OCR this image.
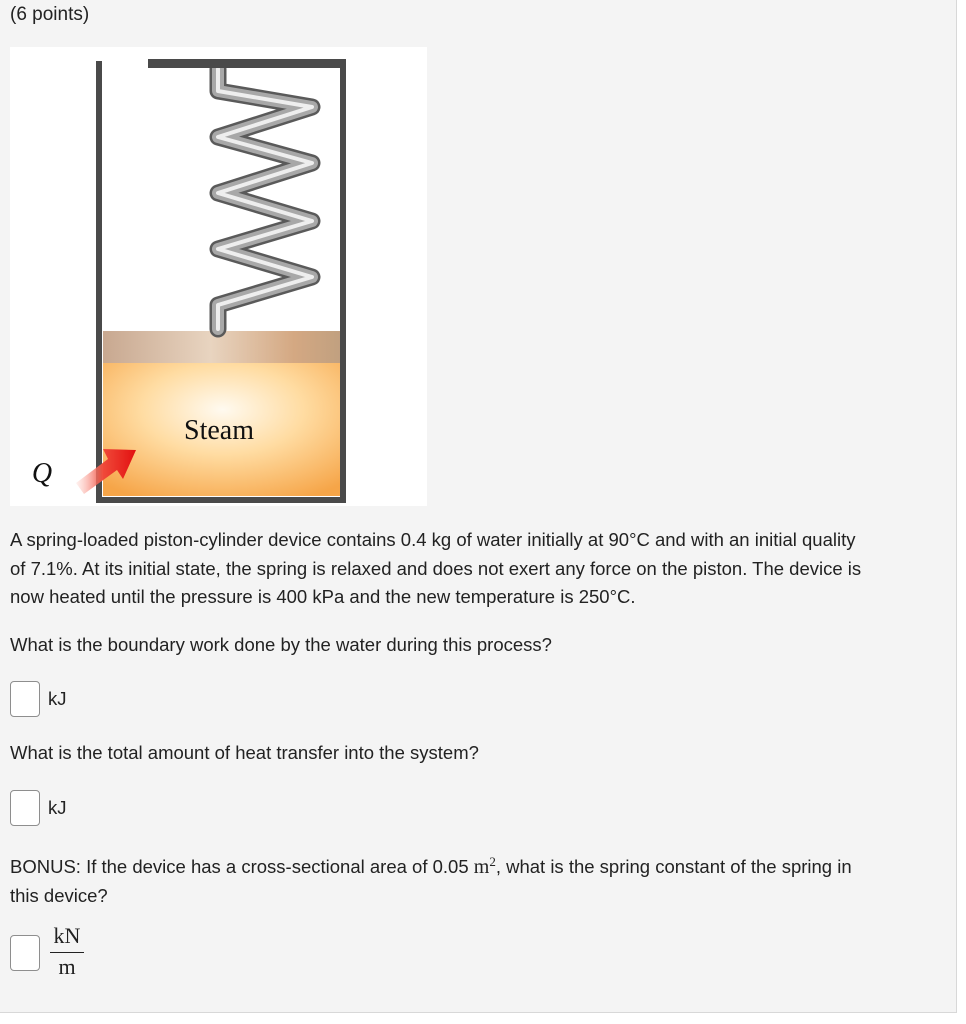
(6 points)
Steam
Q
A spring-loaded piston-cylinder device contains 0.4 kg of water initially at 90°C and with an initial quality
of 7.1%. At its initial state, the spring is relaxed and does not exert any force on the piston. The device is
now heated until the pressure is 400 kPa and the new temperature is 250°C.
What is the boundary work done by the water during this process?
kJ
What is the total amount of heat transfer into the system?
kJ
BONUS: If the device has a cross-sectional area of 0.05 $m^2$, what is the spring constant of the spring in
this device?
kN
m
